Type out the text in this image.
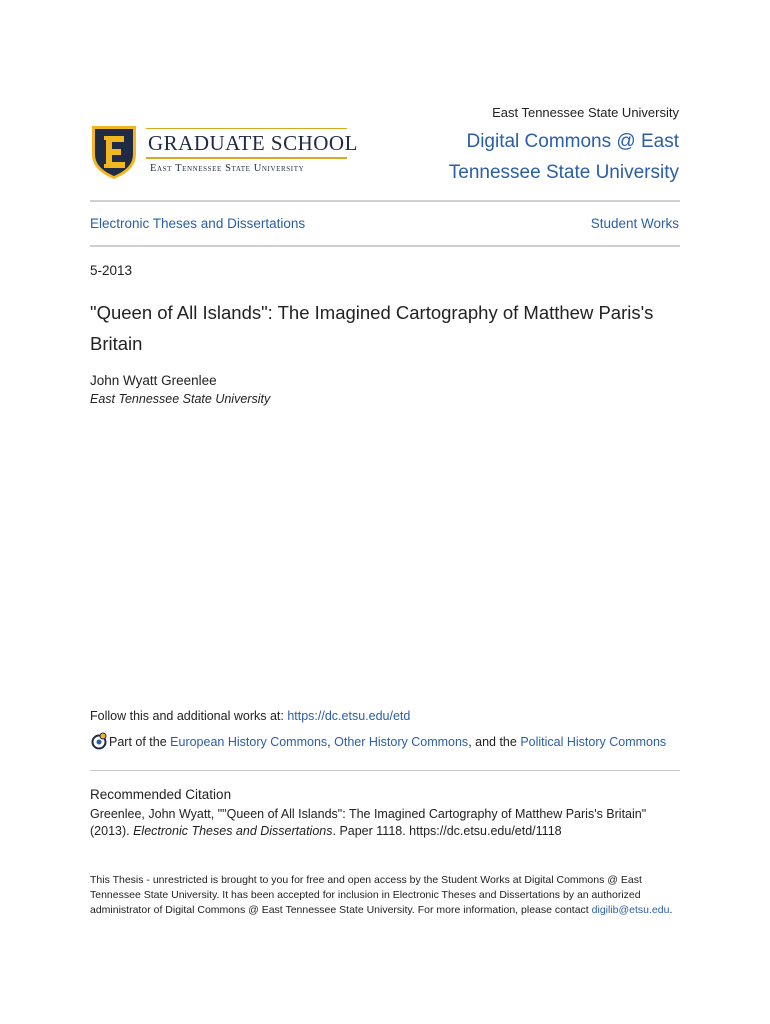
GRADUATE SCHOOL
East Tennessee State University
East Tennessee State University
Digital Commons @ East Tennessee State University
Electronic Theses and Dissertations	Student Works
5-2013
"Queen of All Islands": The Imagined Cartography of Matthew Paris's Britain
John Wyatt Greenlee
East Tennessee State University
Follow this and additional works at: https://dc.etsu.edu/etd
Part of the European History Commons, Other History Commons, and the Political History Commons
Recommended Citation
Greenlee, John Wyatt, ""Queen of All Islands": The Imagined Cartography of Matthew Paris's Britain"
(2013). Electronic Theses and Dissertations. Paper 1118. https://dc.etsu.edu/etd/1118
This Thesis - unrestricted is brought to you for free and open access by the Student Works at Digital Commons @ East Tennessee State University. It has been accepted for inclusion in Electronic Theses and Dissertations by an authorized administrator of Digital Commons @ East Tennessee State University. For more information, please contact digilib@etsu.edu.
